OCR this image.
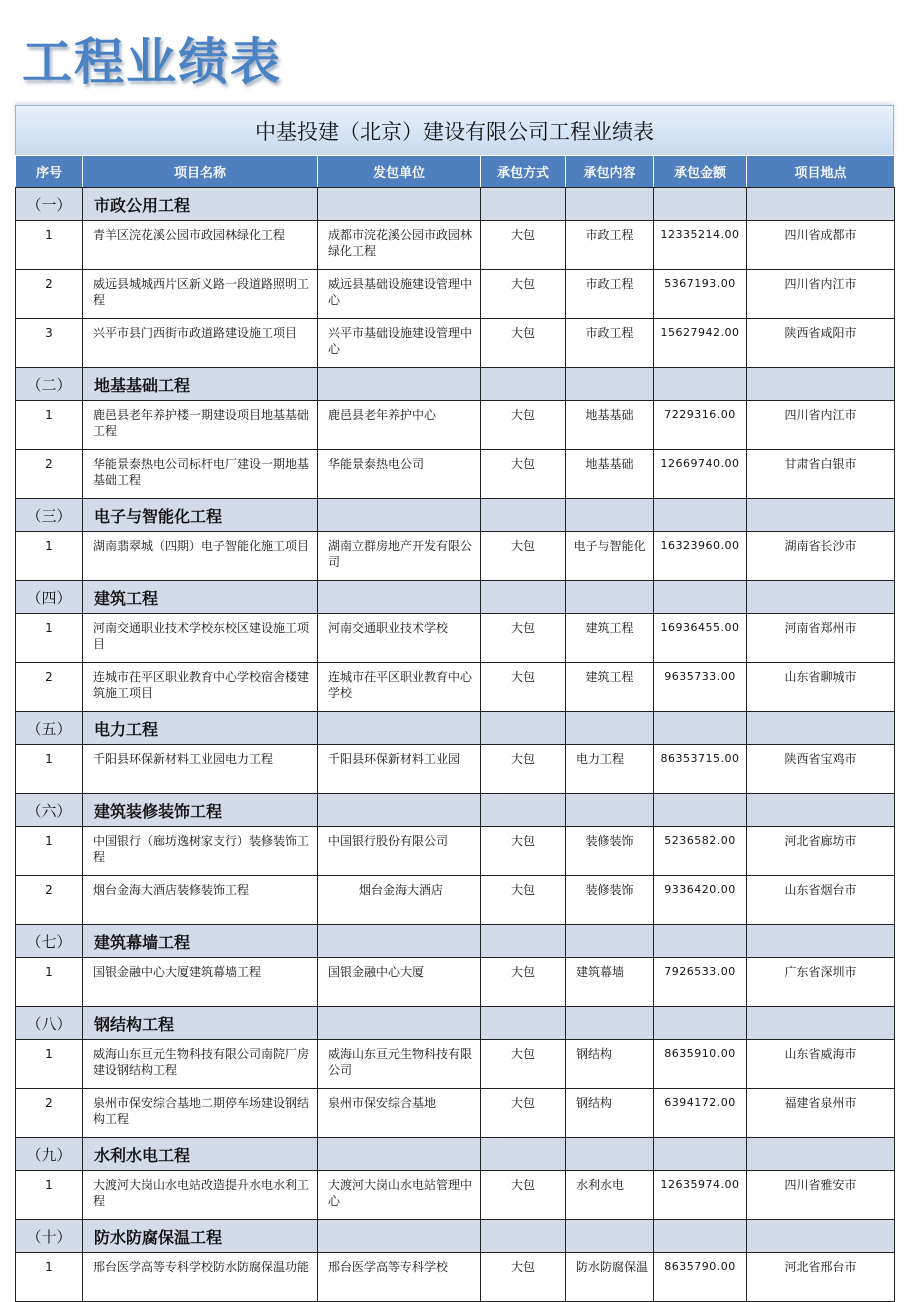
工程业绩表
中基投建（北京）建设有限公司工程业绩表
序号	项目名称	发包单位	承包方式	承包内容	承包金额	项目地点
（一）	市政公用工程					
1	青羊区浣花溪公园市政园林绿化工程	成都市浣花溪公园市政园林绿化工程	大包	市政工程	12335214.00	四川省成都市
2	威远县城城西片区新义路一段道路照明工程	威远县基础设施建设管理中心	大包	市政工程	5367193.00	四川省内江市
3	兴平市县门西街市政道路建设施工项目	兴平市基础设施建设管理中心	大包	市政工程	15627942.00	陕西省咸阳市
（二）	地基基础工程					
1	鹿邑县老年养护楼一期建设项目地基基础工程	鹿邑县老年养护中心	大包	地基基础	7229316.00	四川省内江市
2	华能景泰热电公司标杆电厂建设一期地基基础工程	华能景泰热电公司	大包	地基基础	12669740.00	甘肃省白银市
（三）	电子与智能化工程					
1	湖南翡翠城（四期）电子智能化施工项目	湖南立群房地产开发有限公司	大包	电子与智能化	16323960.00	湖南省长沙市
（四）	建筑工程					
1	河南交通职业技术学校东校区建设施工项目	河南交通职业技术学校	大包	建筑工程	16936455.00	河南省郑州市
2	连城市茌平区职业教育中心学校宿舍楼建筑施工项目	连城市茌平区职业教育中心学校	大包	建筑工程	9635733.00	山东省聊城市
（五）	电力工程					
1	千阳县环保新材料工业园电力工程	千阳县环保新材料工业园	大包	电力工程	86353715.00	陕西省宝鸡市
（六）	建筑装修装饰工程					
1	中国银行（廊坊逸树家支行）装修装饰工程	中国银行股份有限公司	大包	装修装饰	5236582.00	河北省廊坊市
2	烟台金海大酒店装修装饰工程	烟台金海大酒店	大包	装修装饰	9336420.00	山东省烟台市
（七）	建筑幕墙工程					
1	国银金融中心大厦建筑幕墙工程	国银金融中心大厦	大包	建筑幕墙	7926533.00	广东省深圳市
（八）	钢结构工程					
1	威海山东亘元生物科技有限公司南院厂房建设钢结构工程	威海山东亘元生物科技有限公司	大包	钢结构	8635910.00	山东省威海市
2	泉州市保安综合基地二期停车场建设钢结构工程	泉州市保安综合基地	大包	钢结构	6394172.00	福建省泉州市
（九）	水利水电工程					
1	大渡河大岗山水电站改造提升水电水利工程	大渡河大岗山水电站管理中心	大包	水利水电	12635974.00	四川省雅安市
（十）	防水防腐保温工程					
1	邢台医学高等专科学校防水防腐保温功能	邢台医学高等专科学校	大包	防水防腐保温	8635790.00	河北省邢台市
